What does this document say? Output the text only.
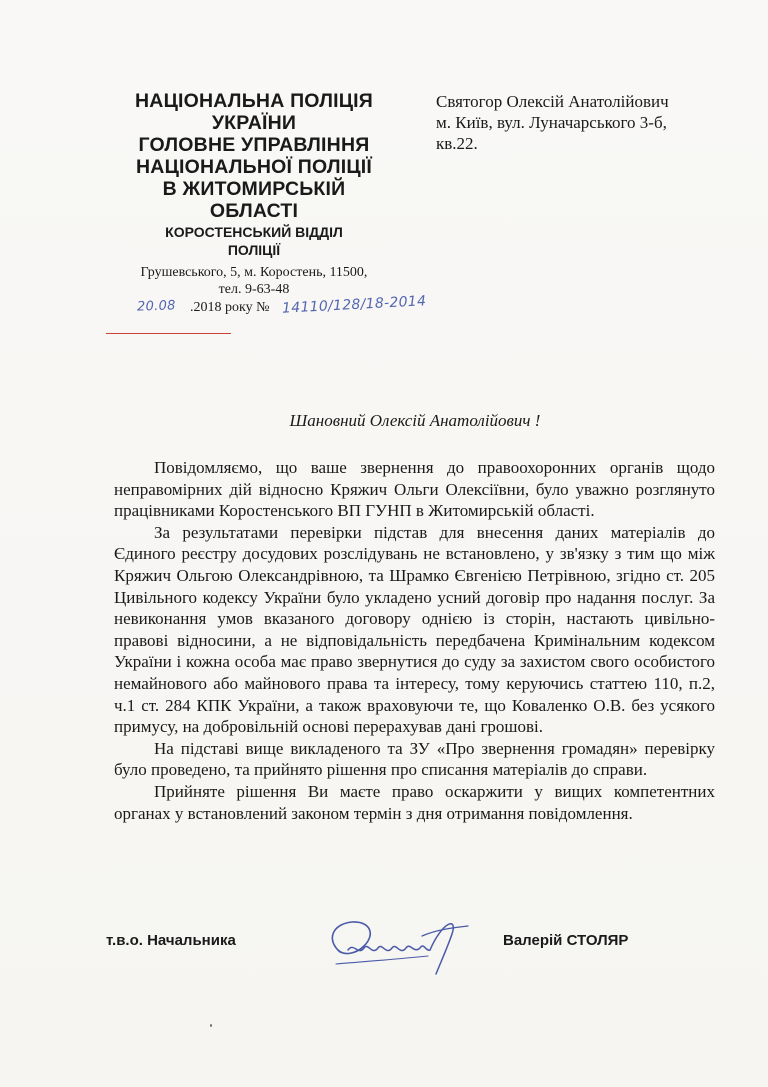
НАЦІОНАЛЬНА ПОЛІЦІЯ
УКРАЇНИ
ГОЛОВНЕ УПРАВЛІННЯ
НАЦІОНАЛЬНОЇ ПОЛІЦІЇ
В ЖИТОМИРСЬКІЙ
ОБЛАСТІ
КОРОСТЕНСЬКИЙ ВІДДІЛ
ПОЛІЦІЇ
Грушевського, 5, м. Коростень, 11500,
тел. 9-63-48
20.08 .2018 року № 14110/128/18-2014
Святогор Олексій Анатолійович
м. Київ, вул. Луначарського 3-б,
кв.22.
Шановний Олексій Анатолійович !

Повідомляємо, що ваше звернення до правоохоронних органів щодо неправомірних дій відносно Кряжич Ольги Олексіївни, було уважно розглянуто працівниками Коростенського ВП ГУНП в Житомирській області.

За результатами перевірки підстав для внесення даних матеріалів до Єдиного реєстру досудових розслідувань не встановлено, у зв'язку з тим що між Кряжич Ольгою Олександрівною, та Шрамко Євгенією Петрівною, згідно ст. 205 Цивільного кодексу України було укладено усний договір про надання послуг. За невиконання умов вказаного договору однією із сторін, настають цивільно-правові відносини, а не відповідальність передбачена Кримінальним кодексом України і кожна особа має право звернутися до суду за захистом свого особистого немайнового або майнового права та інтересу, тому керуючись статтею 110, п.2, ч.1 ст. 284 КПК України, а також враховуючи те, що Коваленко О.В. без усякого примусу, на добровільній основі перерахував дані грошові.

На підставі вище викладеного та ЗУ «Про звернення громадян» перевірку було проведено, та прийнято рішення про списання матеріалів до справи.

Прийняте рішення Ви маєте право оскаржити у вищих компетентних органах у встановлений законом термін з дня отримання повідомлення.

т.в.о. Начальника	Валерій СТОЛЯР
